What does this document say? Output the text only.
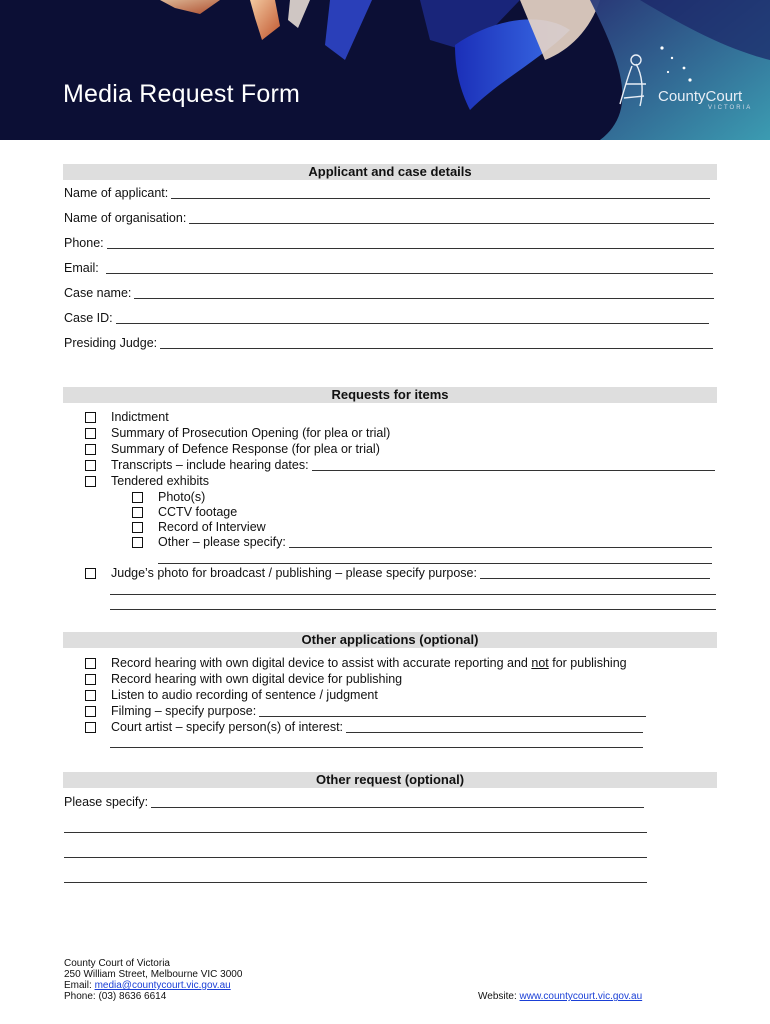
Media Request Form	CountyCourt
VICTORIA
Applicant and case details
Name of applicant:
Name of organisation:
Phone:
Email:
Case name:
Case ID:
Presiding Judge:
Requests for items
Indictment
Summary of Prosecution Opening (for plea or trial)
Summary of Defence Response (for plea or trial)
Transcripts – include hearing dates:
Tendered exhibits
Photo(s)
CCTV footage
Record of Interview
Other – please specify:
Judge’s photo for broadcast / publishing – please specify purpose:
Other applications (optional)
Record hearing with own digital device to assist with accurate reporting and not for publishing
Record hearing with own digital device for publishing
Listen to audio recording of sentence / judgment
Filming – specify purpose:
Court artist – specify person(s) of interest:
Other request (optional)
Please specify:
County Court of Victoria
250 William Street, Melbourne VIC 3000
Email: media@countycourt.vic.gov.au
Phone: (03) 8636 6614	Website: www.countycourt.vic.gov.au
